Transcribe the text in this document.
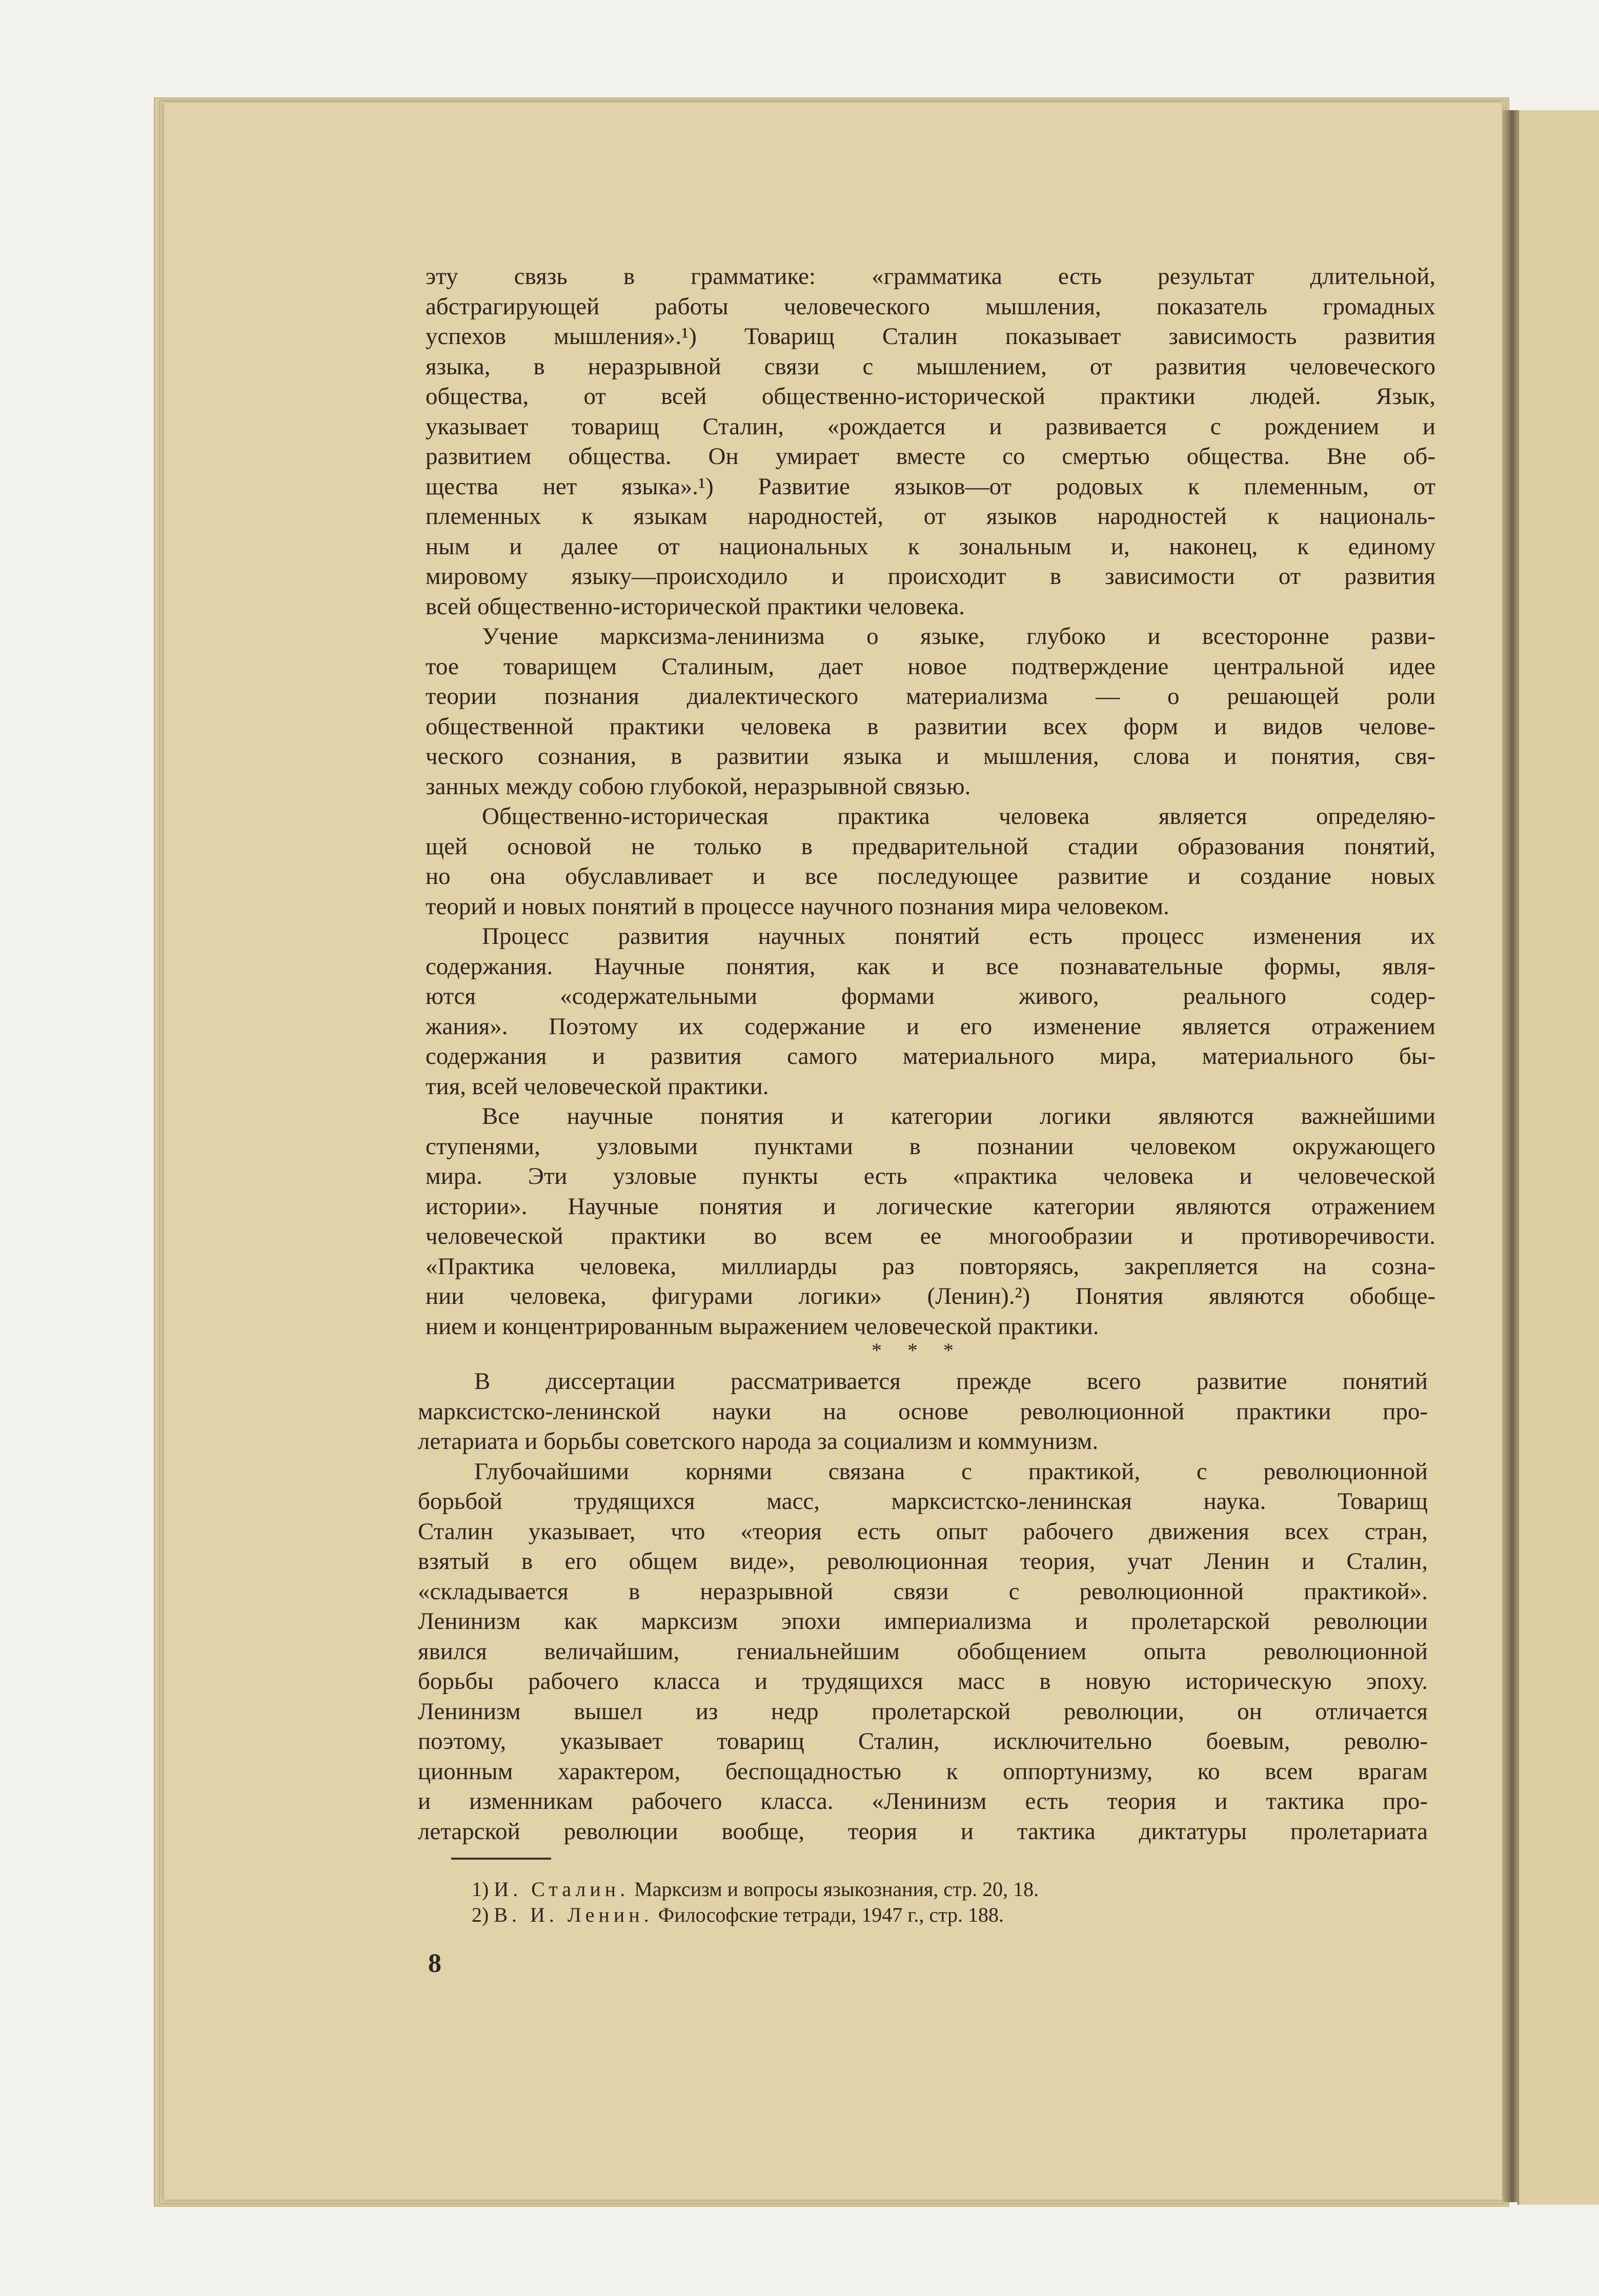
эту связь в грамматике: «грамматика есть результат длительной,
абстрагирующей работы человеческого мышления, показатель громадных
успехов мышления».¹) Товарищ Сталин показывает зависимость развития
языка, в неразрывной связи с мышлением, от развития человеческого
общества, от всей общественно-исторической практики людей. Язык,
указывает товарищ Сталин, «рождается и развивается с рождением и
развитием общества. Он умирает вместе со смертью общества. Вне об-
щества нет языка».¹) Развитие языков—от родовых к племенным, от
племенных к языкам народностей, от языков народностей к националь-
ным и далее от национальных к зональным и, наконец, к единому
мировому языку—происходило и происходит в зависимости от развития
всей общественно-исторической практики человека.
Учение марксизма-ленинизма о языке, глубоко и всесторонне разви-
тое товарищем Сталиным, дает новое подтверждение центральной идее
теории познания диалектического материализма — о решающей роли
общественной практики человека в развитии всех форм и видов челове-
ческого сознания, в развитии языка и мышления, слова и понятия, свя-
занных между собою глубокой, неразрывной связью.
Общественно-историческая практика человека является определяю-
щей основой не только в предварительной стадии образования понятий,
но она обуславливает и все последующее развитие и создание новых
теорий и новых понятий в процессе научного познания мира человеком.
Процесс развития научных понятий есть процесс изменения их
содержания. Научные понятия, как и все познавательные формы, явля-
ются «содержательными формами живого, реального содер-
жания». Поэтому их содержание и его изменение является отражением
содержания и развития самого материального мира, материального бы-
тия, всей человеческой практики.
Все научные понятия и категории логики являются важнейшими
ступенями, узловыми пунктами в познании человеком окружающего
мира. Эти узловые пункты есть «практика человека и человеческой
истории». Научные понятия и логические категории являются отражением
человеческой практики во всем ее многообразии и противоречивости.
«Практика человека, миллиарды раз повторяясь, закрепляется на созна-
нии человека, фигурами логики» (Ленин).²) Понятия являются обобще-
нием и концентрированным выражением человеческой практики.
* * *
В диссертации рассматривается прежде всего развитие понятий
марксистско-ленинской науки на основе революционной практики про-
летариата и борьбы советского народа за социализм и коммунизм.
Глубочайшими корнями связана с практикой, с революционной
борьбой трудящихся масс, марксистско-ленинская наука. Товарищ
Сталин указывает, что «теория есть опыт рабочего движения всех стран,
взятый в его общем виде», революционная теория, учат Ленин и Сталин,
«складывается в неразрывной связи с революционной практикой».
Ленинизм как марксизм эпохи империализма и пролетарской революции
явился величайшим, гениальнейшим обобщением опыта революционной
борьбы рабочего класса и трудящихся масс в новую историческую эпоху.
Ленинизм вышел из недр пролетарской революции, он отличается
поэтому, указывает товарищ Сталин, исключительно боевым, револю-
ционным характером, беспощадностью к оппортунизму, ко всем врагам
и изменникам рабочего класса. «Ленинизм есть теория и тактика про-
летарской революции вообще, теория и тактика диктатуры пролетариата
1) И. Сталин. Марксизм и вопросы языкознания, стр. 20, 18.
2) В. И. Ленин. Философские тетради, 1947 г., стр. 188.
8
